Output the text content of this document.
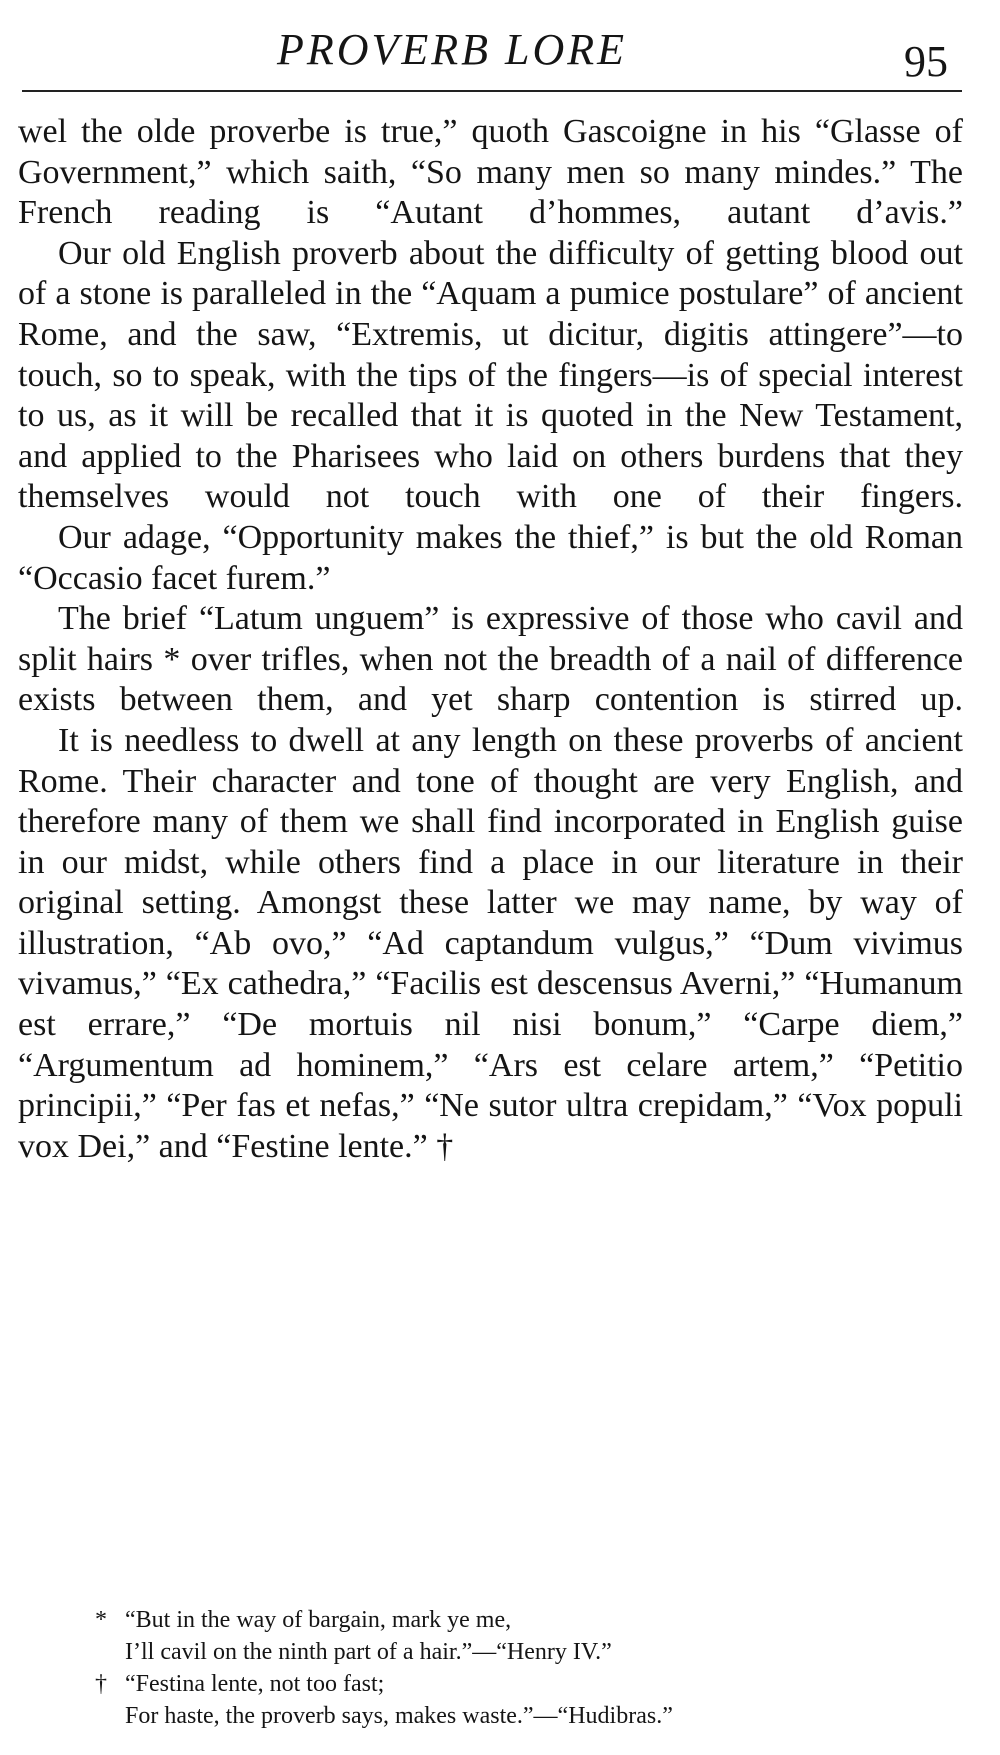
PROVERB LORE	95

wel the olde proverbe is true,” quoth Gascoigne in his “Glasse of Government,” which saith, “So many men so many mindes.” The French reading is “Autant d’hommes, autant d’avis.”

Our old English proverb about the difficulty of getting blood out of a stone is paralleled in the “Aquam a pumice postulare” of ancient Rome, and the saw, “Extremis, ut dicitur, digitis attingere”—to touch, so to speak, with the tips of the fingers—is of special interest to us, as it will be recalled that it is quoted in the New Testament, and applied to the Pharisees who laid on others burdens that they themselves would not touch with one of their fingers.

Our adage, “Opportunity makes the thief,” is but the old Roman “Occasio facet furem.”

The brief “Latum unguem” is expressive of those who cavil and split hairs * over trifles, when not the breadth of a nail of difference exists between them, and yet sharp contention is stirred up.

It is needless to dwell at any length on these proverbs of ancient Rome. Their character and tone of thought are very English, and therefore many of them we shall find incorporated in English guise in our midst, while others find a place in our literature in their original setting. Amongst these latter we may name, by way of illustration, “Ab ovo,” “Ad captandum vulgus,” “Dum vivimus vivamus,” “Ex cathedra,” “Facilis est descensus Averni,” “Humanum est errare,” “De mortuis nil nisi bonum,” “Carpe diem,” “Argumentum ad hominem,” “Ars est celare artem,” “Petitio principii,” “Per fas et nefas,” “Ne sutor ultra crepidam,” “Vox populi vox Dei,” and “Festine lente.” †

* “But in the way of bargain, mark ye me,
I’ll cavil on the ninth part of a hair.”—“Henry IV.”
† “Festina lente, not too fast;
For haste, the proverb says, makes waste.”—“Hudibras.”
